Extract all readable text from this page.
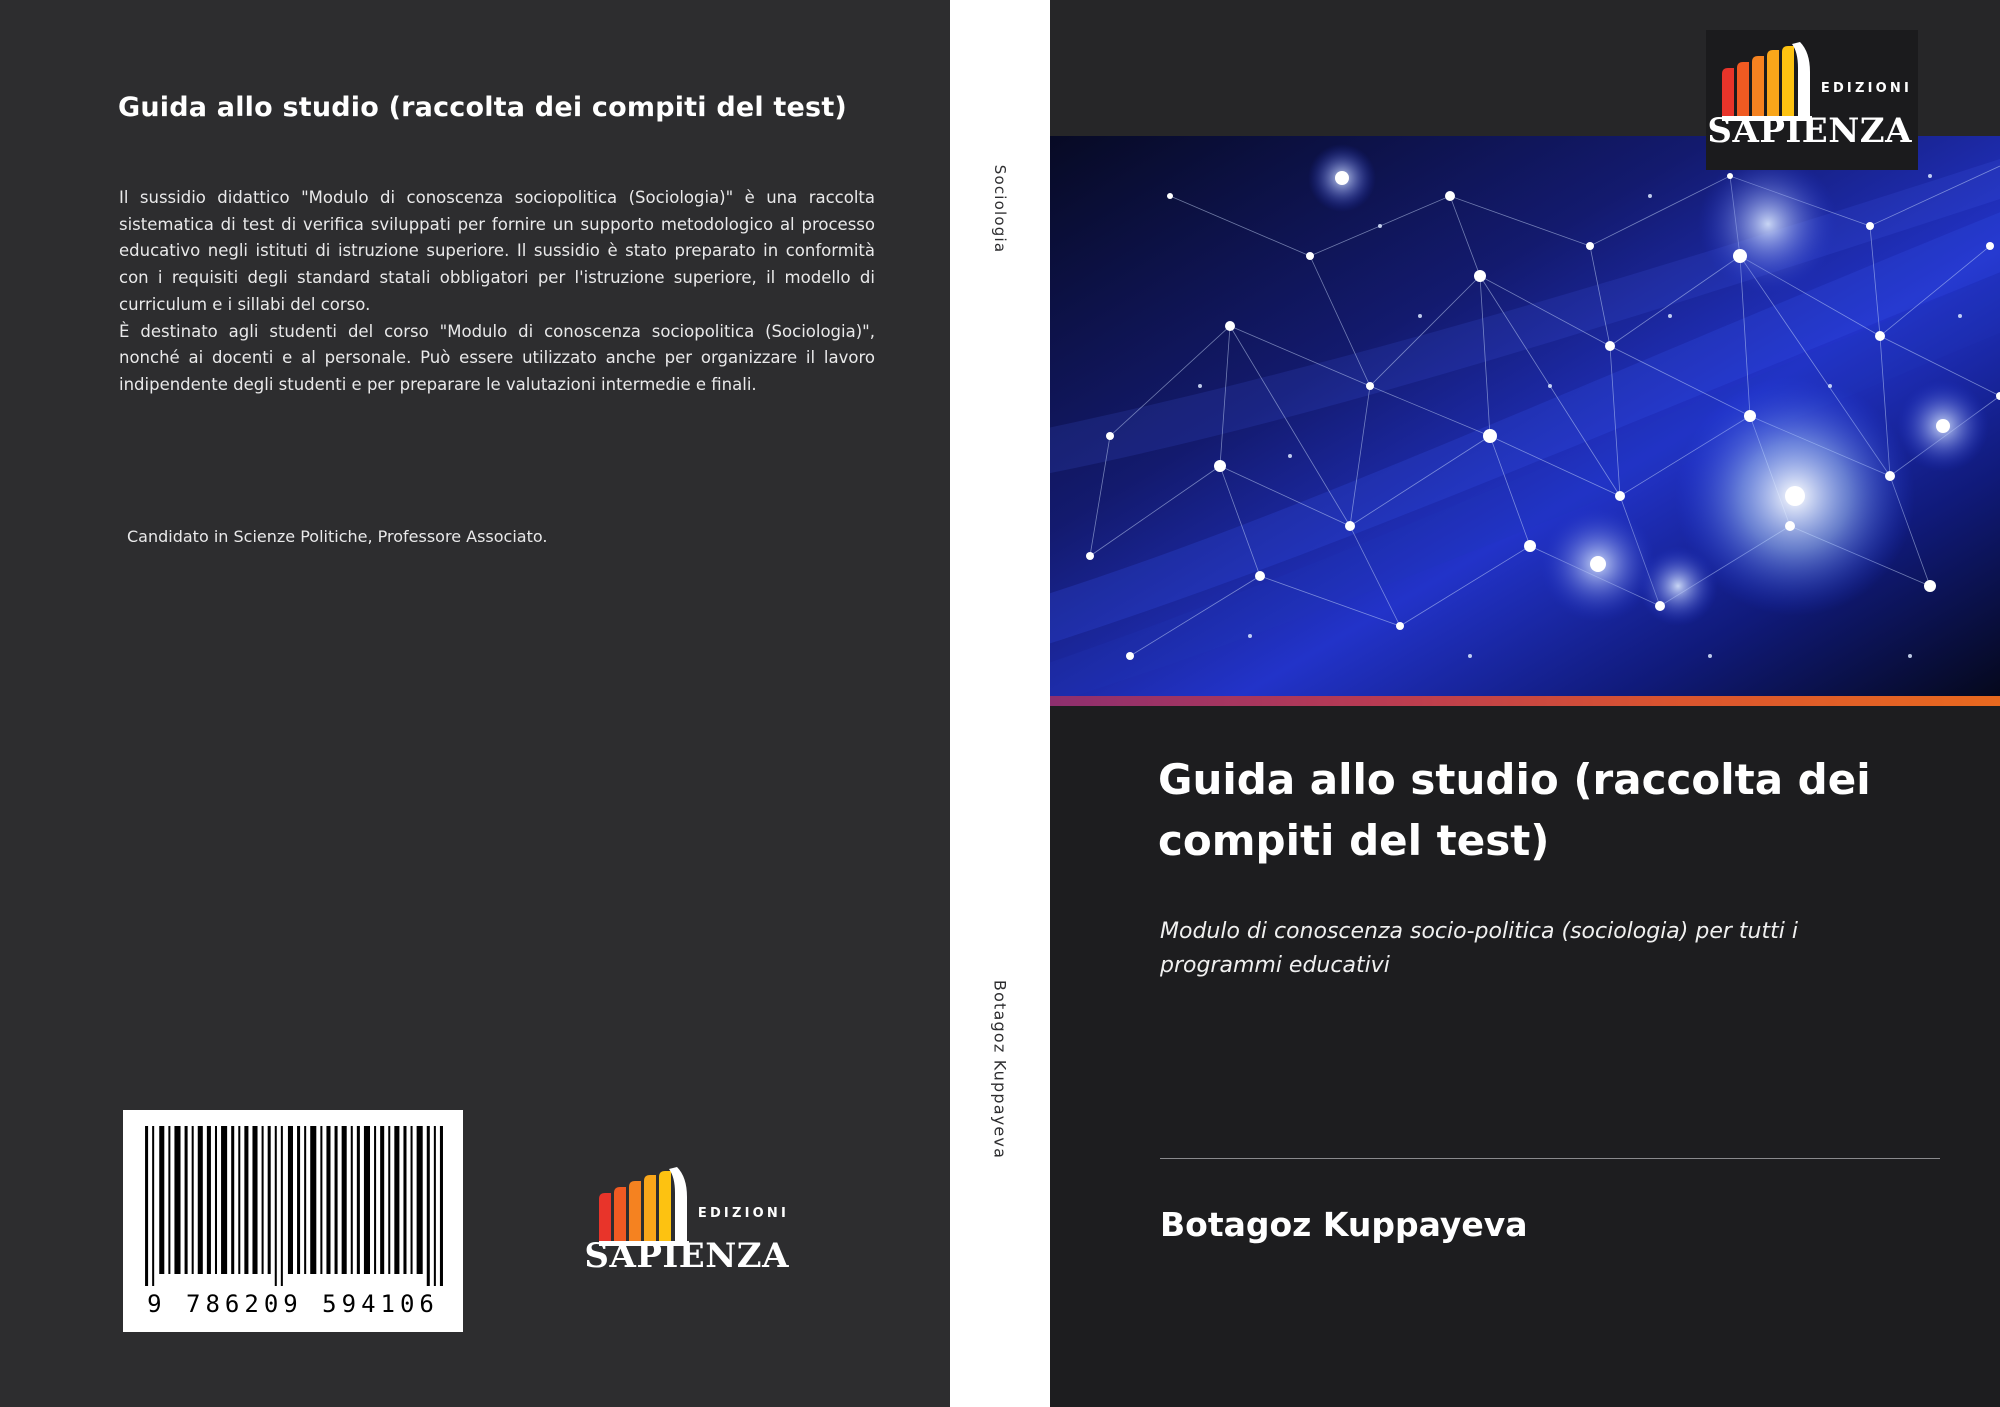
Guida allo studio (raccolta dei compiti del test)

Il sussidio didattico "Modulo di conoscenza sociopolitica (Sociologia)" è una raccolta sistematica di test di verifica sviluppati per fornire un supporto metodologico al processo educativo negli istituti di istruzione superiore. Il sussidio è stato preparato in conformità con i requisiti degli standard statali obbligatori per l'istruzione superiore, il modello di curriculum e i sillabi del corso.

È destinato agli studenti del corso "Modulo di conoscenza sociopolitica (Sociologia)", nonché ai docenti e al personale. Può essere utilizzato anche per organizzare il lavoro indipendente degli studenti e per preparare le valutazioni intermedie e finali.

Candidato in Scienze Politiche, Professore Associato.
9 786209 594106
EDIZIONI
SAPIENZA
Sociologia
Botagoz Kuppayeva
EDIZIONI
SAPIENZA
Guida allo studio (raccolta dei compiti del test)
Modulo di conoscenza socio-politica (sociologia) per tutti i programmi educativi
Botagoz Kuppayeva
